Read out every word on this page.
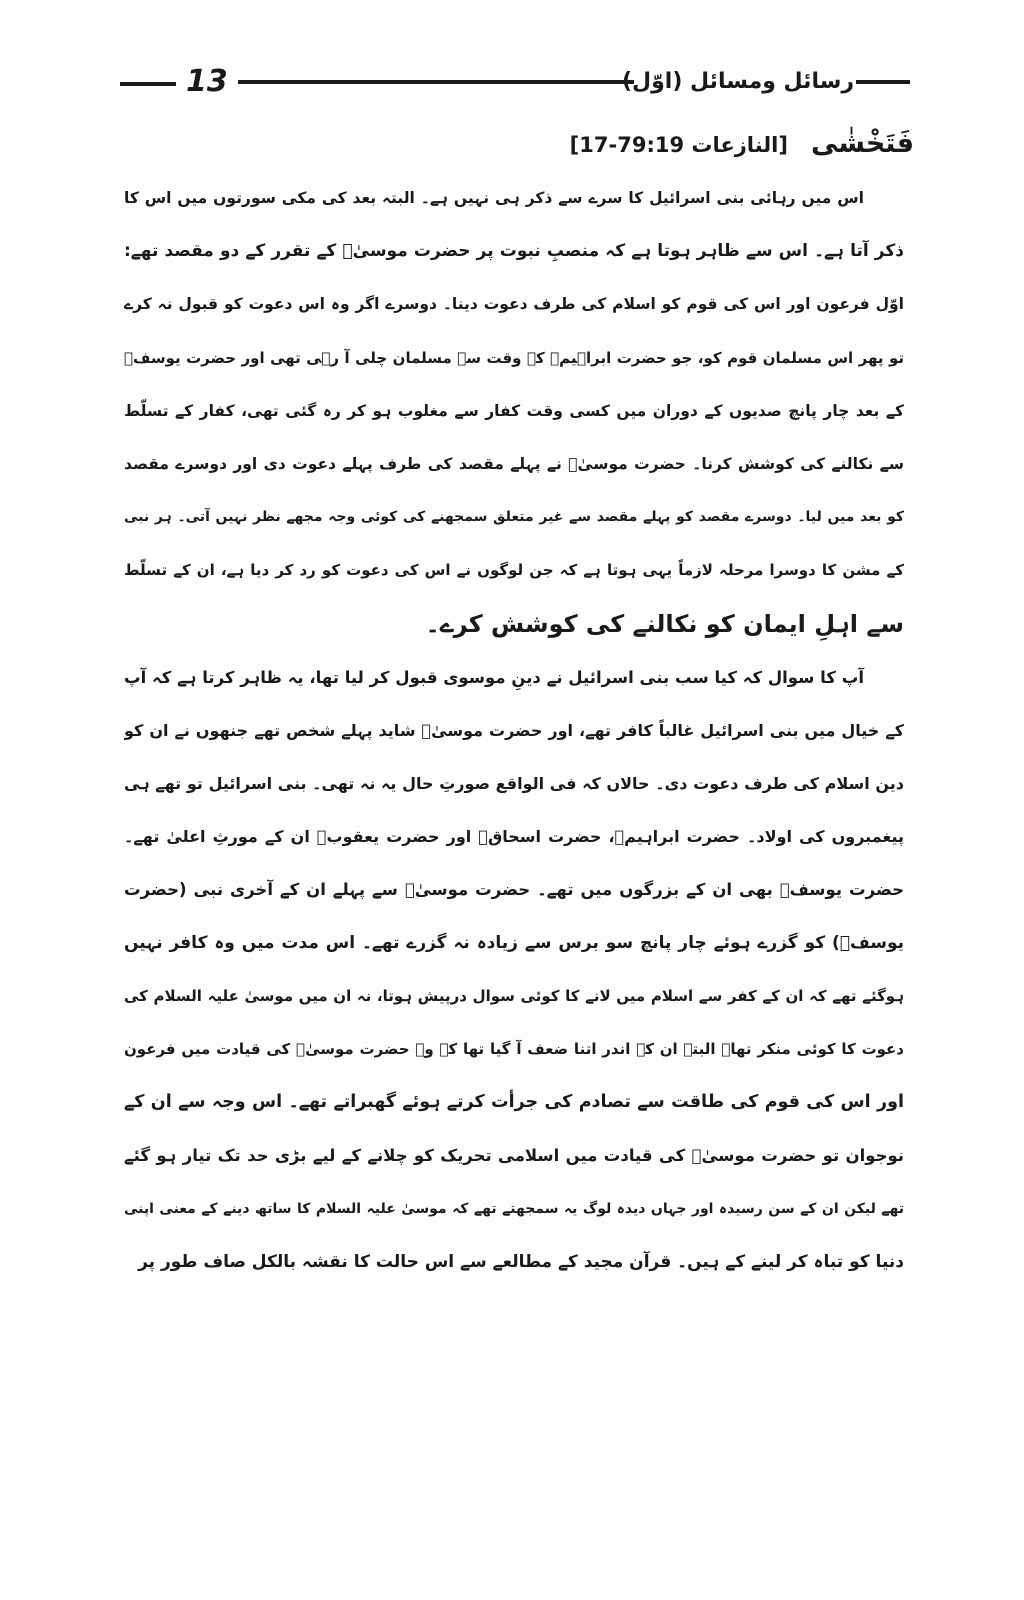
13	رسائل ومسائل (اوّل)
فَتَخْشٰی [النازعات 79:19-17]
اس میں رہائی بنی اسرائیل کا سرے سے ذکر ہی نہیں ہے۔ البتہ بعد کی مکی سورتوں میں اس کا
ذکر آتا ہے۔ اس سے ظاہر ہوتا ہے کہ منصبِ نبوت پر حضرت موسیٰؑ کے تقرر کے دو مقصد تھے:
اوّل فرعون اور اس کی قوم کو اسلام کی طرف دعوت دینا۔ دوسرے اگر وہ اس دعوت کو قبول نہ کرے
تو پھر اس مسلمان قوم کو، جو حضرت ابراہیمؑ کے وقت سے مسلمان چلی آ رہی تھی اور حضرت یوسفؑ
کے بعد چار پانچ صدیوں کے دوران میں کسی وقت کفار سے مغلوب ہو کر رہ گئی تھی، کفار کے تسلّط
سے نکالنے کی کوشش کرنا۔ حضرت موسیٰؑ نے پہلے مقصد کی طرف پہلے دعوت دی اور دوسرے مقصد
کو بعد میں لیا۔ دوسرے مقصد کو پہلے مقصد سے غیر متعلق سمجھنے کی کوئی وجہ مجھے نظر نہیں آتی۔ ہر نبی
کے مشن کا دوسرا مرحلہ لازماً یہی ہوتا ہے کہ جن لوگوں نے اس کی دعوت کو رد کر دیا ہے، ان کے تسلّط
سے اہلِ ایمان کو نکالنے کی کوشش کرے۔
آپ کا سوال کہ کیا سب بنی اسرائیل نے دینِ موسوی قبول کر لیا تھا، یہ ظاہر کرتا ہے کہ آپ
کے خیال میں بنی اسرائیل غالباً کافر تھے، اور حضرت موسیٰؑ شاید پہلے شخص تھے جنھوں نے ان کو
دین اسلام کی طرف دعوت دی۔ حالاں کہ فی الواقع صورتِ حال یہ نہ تھی۔ بنی اسرائیل تو تھے ہی
پیغمبروں کی اولاد۔ حضرت ابراہیمؑ، حضرت اسحاقؑ اور حضرت یعقوبؑ ان کے مورثِ اعلیٰ تھے۔
حضرت یوسفؑ بھی ان کے بزرگوں میں تھے۔ حضرت موسیٰؑ سے پہلے ان کے آخری نبی (حضرت
یوسفؑ) کو گزرے ہوئے چار پانچ سو برس سے زیادہ نہ گزرے تھے۔ اس مدت میں وہ کافر نہیں
ہوگئے تھے کہ ان کے کفر سے اسلام میں لانے کا کوئی سوال درپیش ہوتا، نہ ان میں موسیٰ علیہ السلام کی
دعوت کا کوئی منکر تھا۔ البتہ ان کے اندر اتنا ضعف آ گیا تھا کہ وہ حضرت موسیٰؑ کی قیادت میں فرعون
اور اس کی قوم کی طاقت سے تصادم کی جرأت کرتے ہوئے گھبراتے تھے۔ اس وجہ سے ان کے
نوجوان تو حضرت موسیٰؑ کی قیادت میں اسلامی تحریک کو چلانے کے لیے بڑی حد تک تیار ہو گئے
تھے لیکن ان کے سن رسیدہ اور جہاں دیدہ لوگ یہ سمجھتے تھے کہ موسیٰ علیہ السلام کا ساتھ دینے کے معنی اپنی
دنیا کو تباہ کر لینے کے ہیں۔ قرآن مجید کے مطالعے سے اس حالت کا نقشہ بالکل صاف طور پر
